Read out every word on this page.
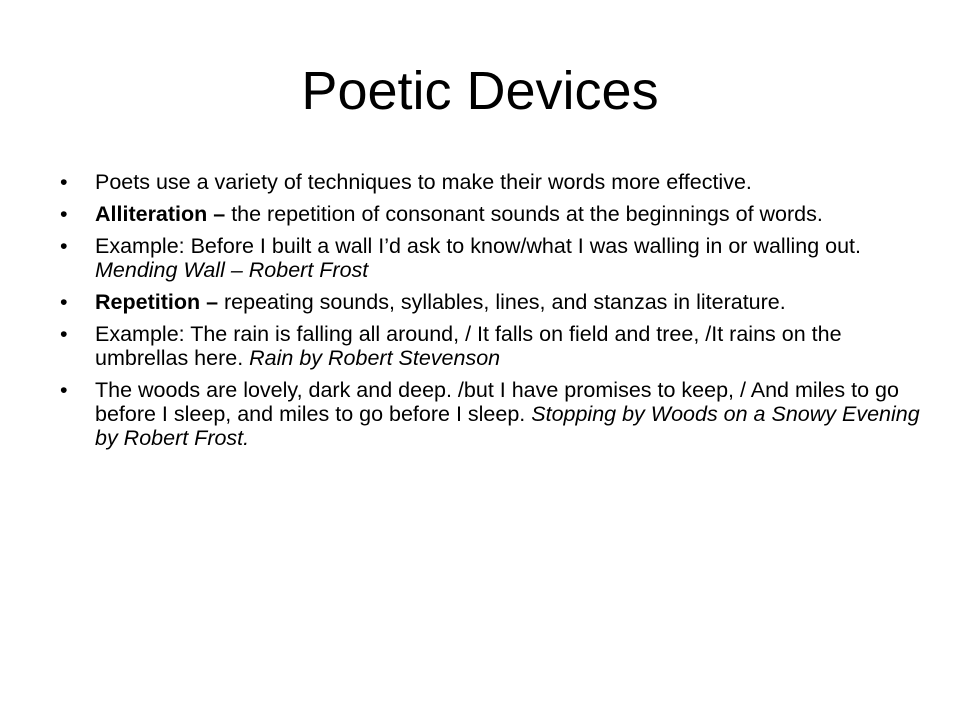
Poetic Devices
•	Poets use a variety of techniques to make their words more effective.
•	Alliteration – the repetition of consonant sounds at the beginnings of words.
•	Example: Before I built a wall I’d ask to know/what I was walling in or walling out. Mending Wall – Robert Frost
•	Repetition – repeating sounds, syllables, lines, and stanzas in literature.
•	Example: The rain is falling all around, / It falls on field and tree, /It rains on the umbrellas here. Rain by Robert Stevenson
•	The woods are lovely, dark and deep. /but I have promises to keep, / And miles to go before I sleep, and miles to go before I sleep. Stopping by Woods on a Snowy Evening by Robert Frost.
